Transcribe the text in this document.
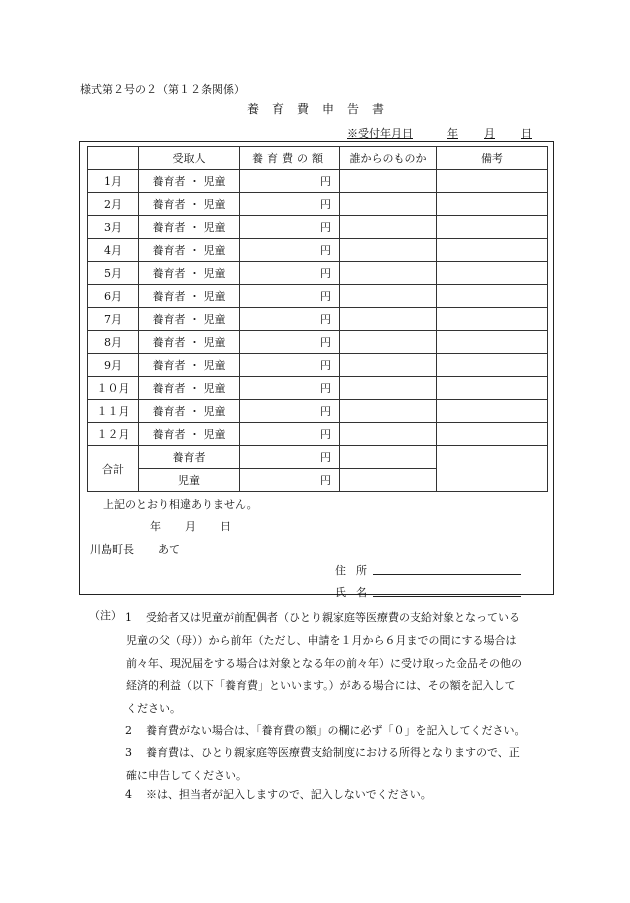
様式第２号の２（第１２条関係）
養育費申告書
※受付年月日	年 月 日
	受取人	養育費の額	誰からのものか	備考
1月	養育者 ・ 児童	円		
2月	養育者 ・ 児童	円		
3月	養育者 ・ 児童	円		
4月	養育者 ・ 児童	円		
5月	養育者 ・ 児童	円		
6月	養育者 ・ 児童	円		
7月	養育者 ・ 児童	円		
8月	養育者 ・ 児童	円		
9月	養育者 ・ 児童	円		
１０月	養育者 ・ 児童	円		
１１月	養育者 ・ 児童	円		
１２月	養育者 ・ 児童	円		
合計	養育者	円		
	児童	円		
上記のとおり相違ありません。
年 月 日
川島町長 あて
住所
氏名
（注） 1 受給者又は児童が前配偶者（ひとり親家庭等医療費の支給対象となっている
児童の父（母））から前年（ただし、申請を１月から６月までの間にする場合は
前々年、現況届をする場合は対象となる年の前々年）に受け取った金品その他の
経済的利益（以下「養育費」といいます。）がある場合には、その額を記入して
ください。
2 養育費がない場合は、「養育費の額」の欄に必ず「０」を記入してください。
3 養育費は、ひとり親家庭等医療費支給制度における所得となりますので、正
確に申告してください。
4 ※は、担当者が記入しますので、記入しないでください。
